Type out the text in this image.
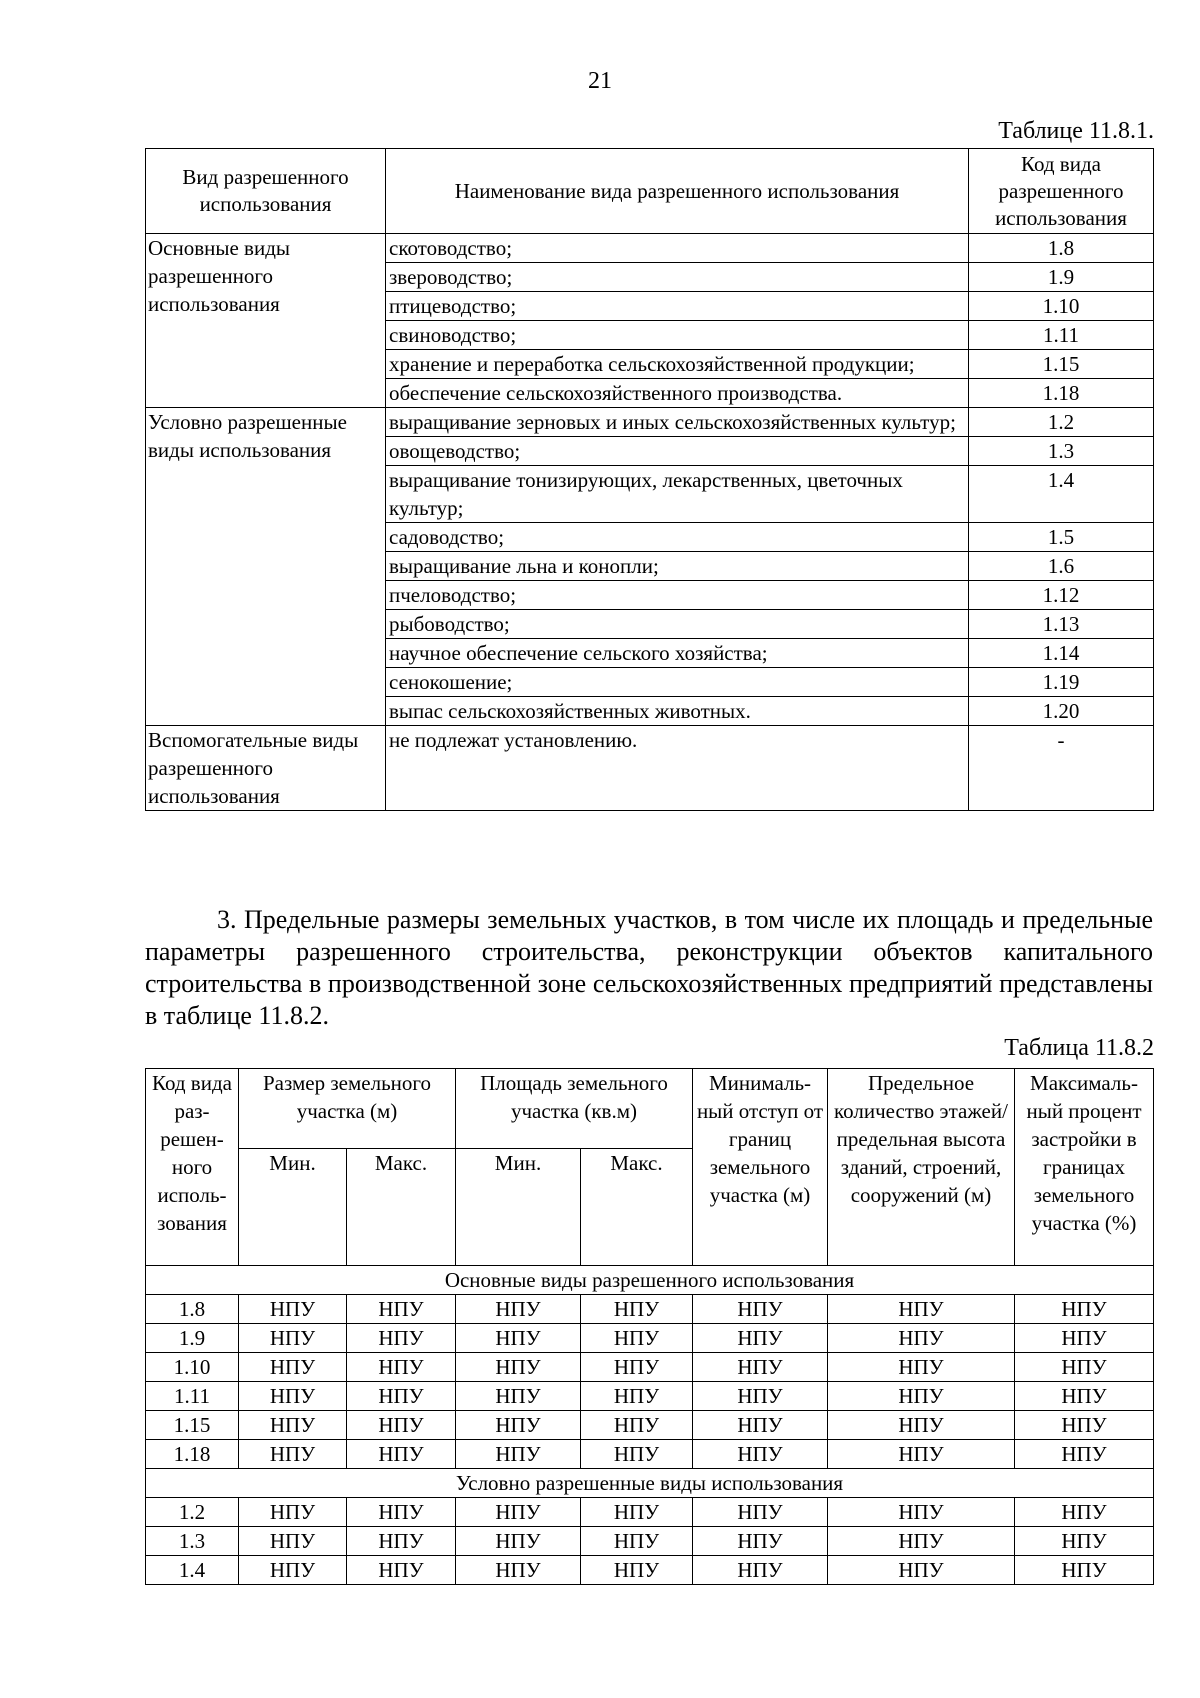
21
Таблице 11.8.1.
Вид разрешенного использования	Наименование вида разрешенного использования	Код вида разрешенного использования
Основные виды разрешенного использования	скотоводство;	1.8
	звероводство;	1.9
	птицеводство;	1.10
	свиноводство;	1.11
	хранение и переработка сельскохозяйственной продукции;	1.15
	обеспечение сельскохозяйственного производства.	1.18
Условно разрешенные виды использования	выращивание зерновых и иных сельскохозяйственных культур;	1.2
	овощеводство;	1.3
	выращивание тонизирующих, лекарственных, цветочных культур;	1.4
	садоводство;	1.5
	выращивание льна и конопли;	1.6
	пчеловодство;	1.12
	рыбоводство;	1.13
	научное обеспечение сельского хозяйства;	1.14
	сенокошение;	1.19
	выпас сельскохозяйственных животных.	1.20
Вспомогательные виды разрешенного использования	не подлежат установлению.	-
3. Предельные размеры земельных участков, в том числе их площадь и предельные параметры разрешенного строительства, реконструкции объектов капитального строительства в производственной зоне сельскохозяйственных предприятий представлены в таблице 11.8.2.
Таблица 11.8.2
Код вида раз-решен-ного исполь-зования	Размер земельного участка (м)		Площадь земельного участка (кв.м)		Минималь-ный отступ от границ земельного участка (м)	Предельное количество этажей/ предельная высота зданий, строений, сооружений (м)	Максималь-ный процент застройки в границах земельного участка (%)
	Мин.	Макс.	Мин.	Макс.			
Основные виды разрешенного использования							
1.8	НПУ	НПУ	НПУ	НПУ	НПУ	НПУ	НПУ
1.9	НПУ	НПУ	НПУ	НПУ	НПУ	НПУ	НПУ
1.10	НПУ	НПУ	НПУ	НПУ	НПУ	НПУ	НПУ
1.11	НПУ	НПУ	НПУ	НПУ	НПУ	НПУ	НПУ
1.15	НПУ	НПУ	НПУ	НПУ	НПУ	НПУ	НПУ
1.18	НПУ	НПУ	НПУ	НПУ	НПУ	НПУ	НПУ
Условно разрешенные виды использования							
1.2	НПУ	НПУ	НПУ	НПУ	НПУ	НПУ	НПУ
1.3	НПУ	НПУ	НПУ	НПУ	НПУ	НПУ	НПУ
1.4	НПУ	НПУ	НПУ	НПУ	НПУ	НПУ	НПУ
